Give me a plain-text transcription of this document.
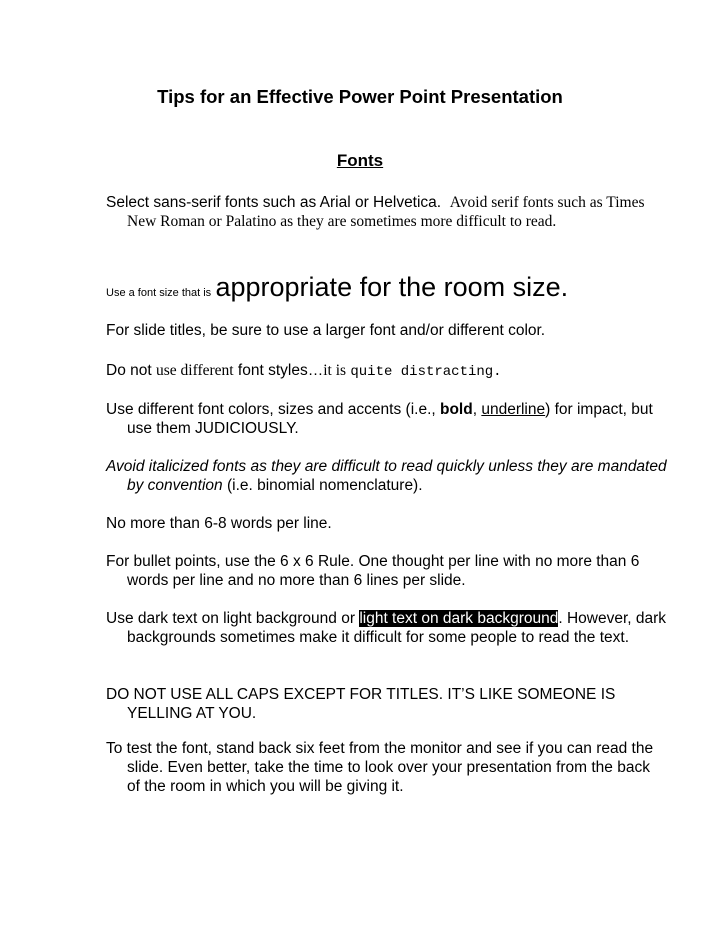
Tips for an Effective Power Point Presentation
Fonts
Select sans-serif fonts such as Arial or Helvetica. Avoid serif fonts such as Times New Roman or Palatino as they are sometimes more difficult to read.
Use a font size that is appropriate for the room size.
For slide titles, be sure to use a larger font and/or different color.
Do not use different font styles…it is quite distracting.
Use different font colors, sizes and accents (i.e., bold, underline) for impact, but use them JUDICIOUSLY.
Avoid italicized fonts as they are difficult to read quickly unless they are mandated by convention (i.e. binomial nomenclature).
No more than 6-8 words per line.
For bullet points, use the 6 x 6 Rule. One thought per line with no more than 6 words per line and no more than 6 lines per slide.
Use dark text on light background or light text on dark background. However, dark backgrounds sometimes make it difficult for some people to read the text.
DO NOT USE ALL CAPS EXCEPT FOR TITLES. IT’S LIKE SOMEONE IS YELLING AT YOU.
To test the font, stand back six feet from the monitor and see if you can read the slide. Even better, take the time to look over your presentation from the back of the room in which you will be giving it.
